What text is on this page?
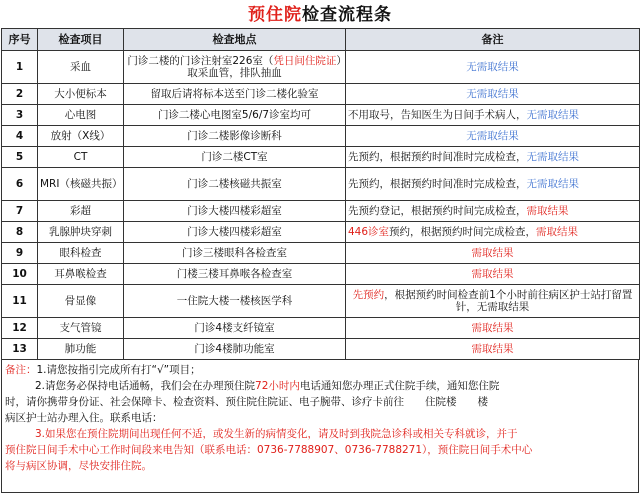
预住院检查流程条
序号	检查项目	检查地点	备注
1	采血	门诊二楼的门诊注射室226室（凭日间住院证）取采血管，排队抽血	无需取结果
2	大小便标本	留取后请将标本送至门诊二楼化验室	无需取结果
3	心电图	门诊二楼心电图室5/6/7诊室均可	不用取号，告知医生为日间手术病人，无需取结果
4	放射（X线）	门诊二楼影像诊断科	无需取结果
5	CT	门诊二楼CT室	先预约，根据预约时间准时完成检查，无需取结果
6	MRI（核磁共振）	门诊二楼核磁共振室	先预约，根据预约时间准时完成检查，无需取结果
7	彩超	门诊大楼四楼彩超室	先预约登记，根据预约时间完成检查，需取结果
8	乳腺肿块穿刺	门诊大楼四楼彩超室	446诊室预约，根据预约时间完成检查，需取结果
9	眼科检查	门诊三楼眼科各检查室	需取结果
10	耳鼻喉检查	门楼三楼耳鼻喉各检查室	需取结果
11	骨显像	一住院大楼一楼核医学科	先预约，根据预约时间检查前1个小时前往病区护士站打留置针，无需取结果
12	支气管镜	门诊4楼支纤镜室	需取结果
13	肺功能	门诊4楼肺功能室	需取结果
备注：1.请您按指引完成所有打“√”项目；
2.请您务必保持电话通畅，我们会在办理预住院72小时内电话通知您办理正式住院手续，通知您住院
时，请你携带身份证、社会保障卡、检查资料、预住院住院证、电子腕带、诊疗卡前往　　住院楼　　楼
病区护士站办理入住。联系电话：
3.如果您在预住院期间出现任何不适，或发生新的病情变化，请及时到我院急诊科或相关专科就诊，并于
预住院日间手术中心工作时间段来电告知（联系电话：0736-7788907、0736-7788271），预住院日间手术中心
将与病区协调，尽快安排住院。
